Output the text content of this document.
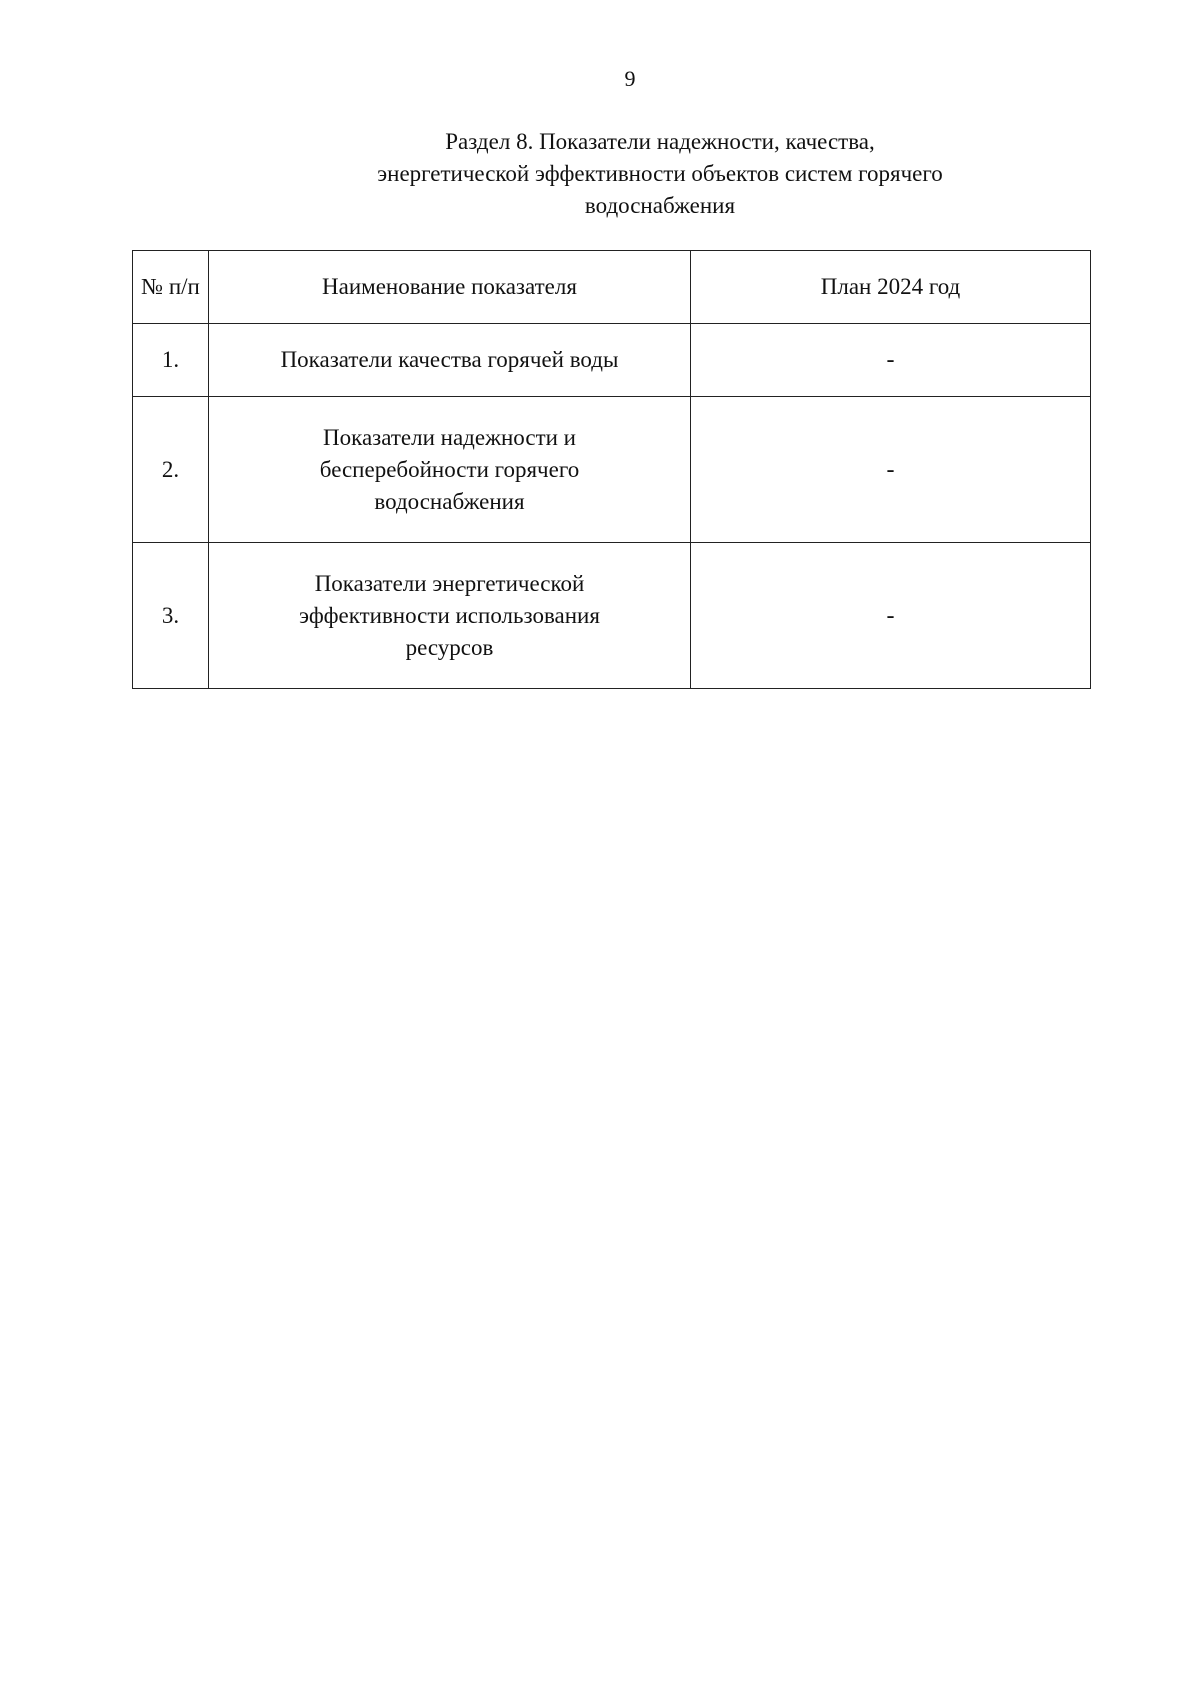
9
Раздел 8. Показатели надежности, качества,
энергетической эффективности объектов систем горячего
водоснабжения
№ п/п	Наименование показателя	План 2024 год
1.	Показатели качества горячей воды	-
2.	Показатели надежности и
бесперебойности горячего
водоснабжения	-
3.	Показатели энергетической
эффективности использования
ресурсов	-
